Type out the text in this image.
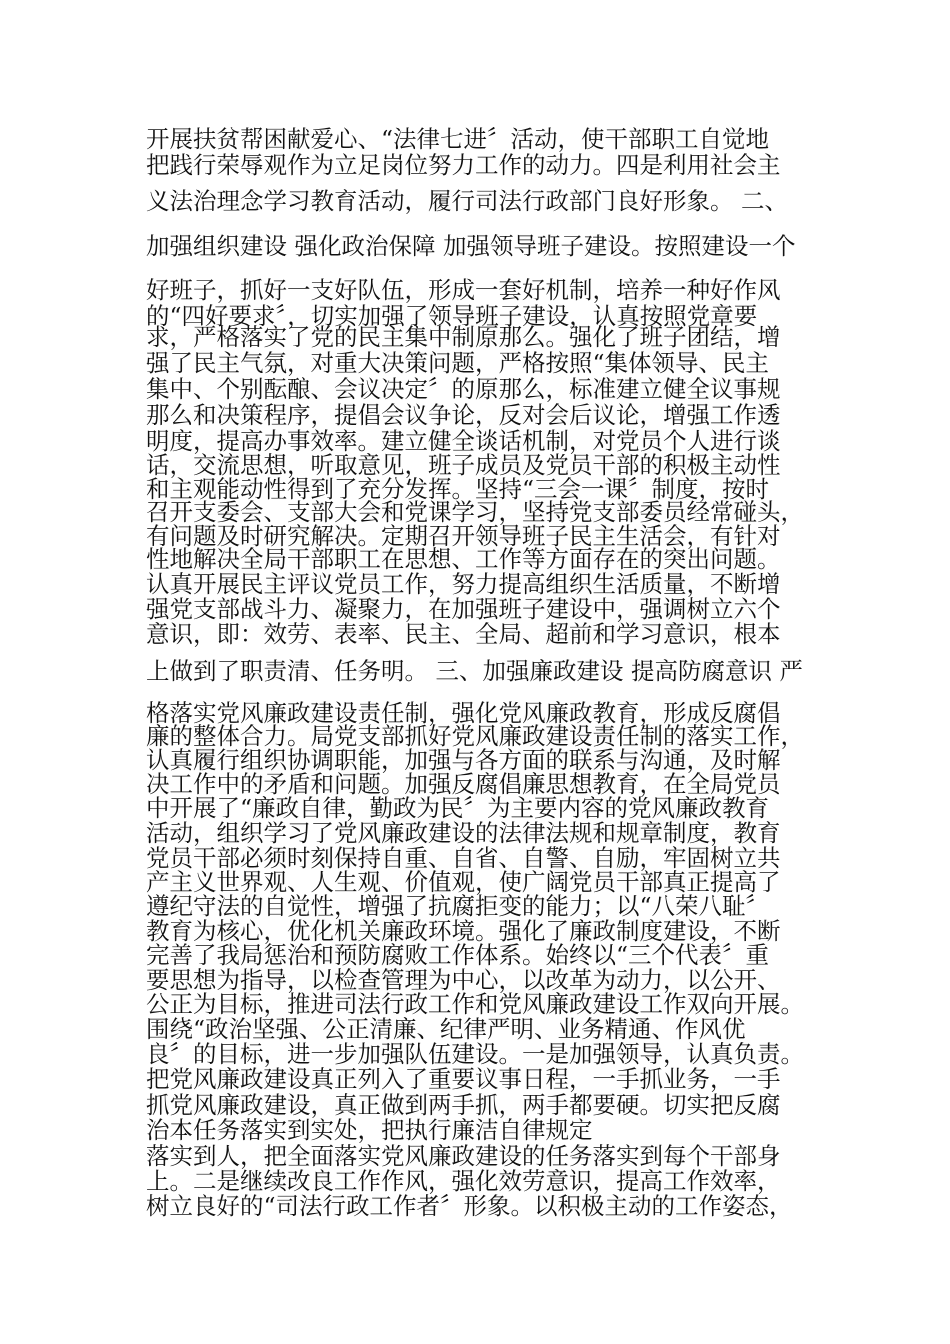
开展扶贫帮困献爱心、“法律七进〞活动，使干部职工自觉地

把践行荣辱观作为立足岗位努力工作的动力。四是利用社会主

义法治理念学习教育活动，履行司法行政部门良好形象。 二、

加强组织建设 强化政治保障 加强领导班子建设。按照建设一个

好班子，抓好一支好队伍，形成一套好机制，培养一种好作风

的“四好要求〞，切实加强了领导班子建设，认真按照党章要

求，严格落实了党的民主集中制原那么。强化了班子团结，增

强了民主气氛，对重大决策问题，严格按照“集体领导、民主

集中、个别酝酿、会议决定〞的原那么，标准建立健全议事规

那么和决策程序，提倡会议争论，反对会后议论，增强工作透

明度，提高办事效率。建立健全谈话机制，对党员个人进行谈

话，交流思想，听取意见，班子成员及党员干部的积极主动性

和主观能动性得到了充分发挥。坚持“三会一课〞制度，按时

召开支委会、支部大会和党课学习，坚持党支部委员经常碰头，

有问题及时研究解决。定期召开领导班子民主生活会，有针对

性地解决全局干部职工在思想、工作等方面存在的突出问题。

认真开展民主评议党员工作，努力提高组织生活质量，不断增

强党支部战斗力、凝聚力，在加强班子建设中，强调树立六个

意识，即：效劳、表率、民主、全局、超前和学习意识，根本

上做到了职责清、任务明。 三、加强廉政建设 提高防腐意识 严

格落实党风廉政建设责任制，强化党风廉政教育，形成反腐倡

廉的整体合力。局党支部抓好党风廉政建设责任制的落实工作，

认真履行组织协调职能，加强与各方面的联系与沟通，及时解

决工作中的矛盾和问题。加强反腐倡廉思想教育，在全局党员

中开展了“廉政自律，勤政为民〞为主要内容的党风廉政教育

活动，组织学习了党风廉政建设的法律法规和规章制度，教育

党员干部必须时刻保持自重、自省、自警、自励，牢固树立共

产主义世界观、人生观、价值观，使广阔党员干部真正提高了

遵纪守法的自觉性，增强了抗腐拒变的能力；以“八荣八耻〞

教育为核心，优化机关廉政环境。强化了廉政制度建设，不断

完善了我局惩治和预防腐败工作体系。始终以“三个代表〞重

要思想为指导，以检查管理为中心，以改革为动力，以公开、

公正为目标，推进司法行政工作和党风廉政建设工作双向开展。

围绕“政治坚强、公正清廉、纪律严明、业务精通、作风优

良〞的目标，进一步加强队伍建设。一是加强领导，认真负责。

把党风廉政建设真正列入了重要议事日程，一手抓业务，一手

抓党风廉政建设，真正做到两手抓，两手都要硬。切实把反腐

治本任务落实到实处，把执行廉洁自律规定

落实到人，把全面落实党风廉政建设的任务落实到每个干部身

上。二是继续改良工作作风，强化效劳意识，提高工作效率，

树立良好的“司法行政工作者〞形象。以积极主动的工作姿态，
